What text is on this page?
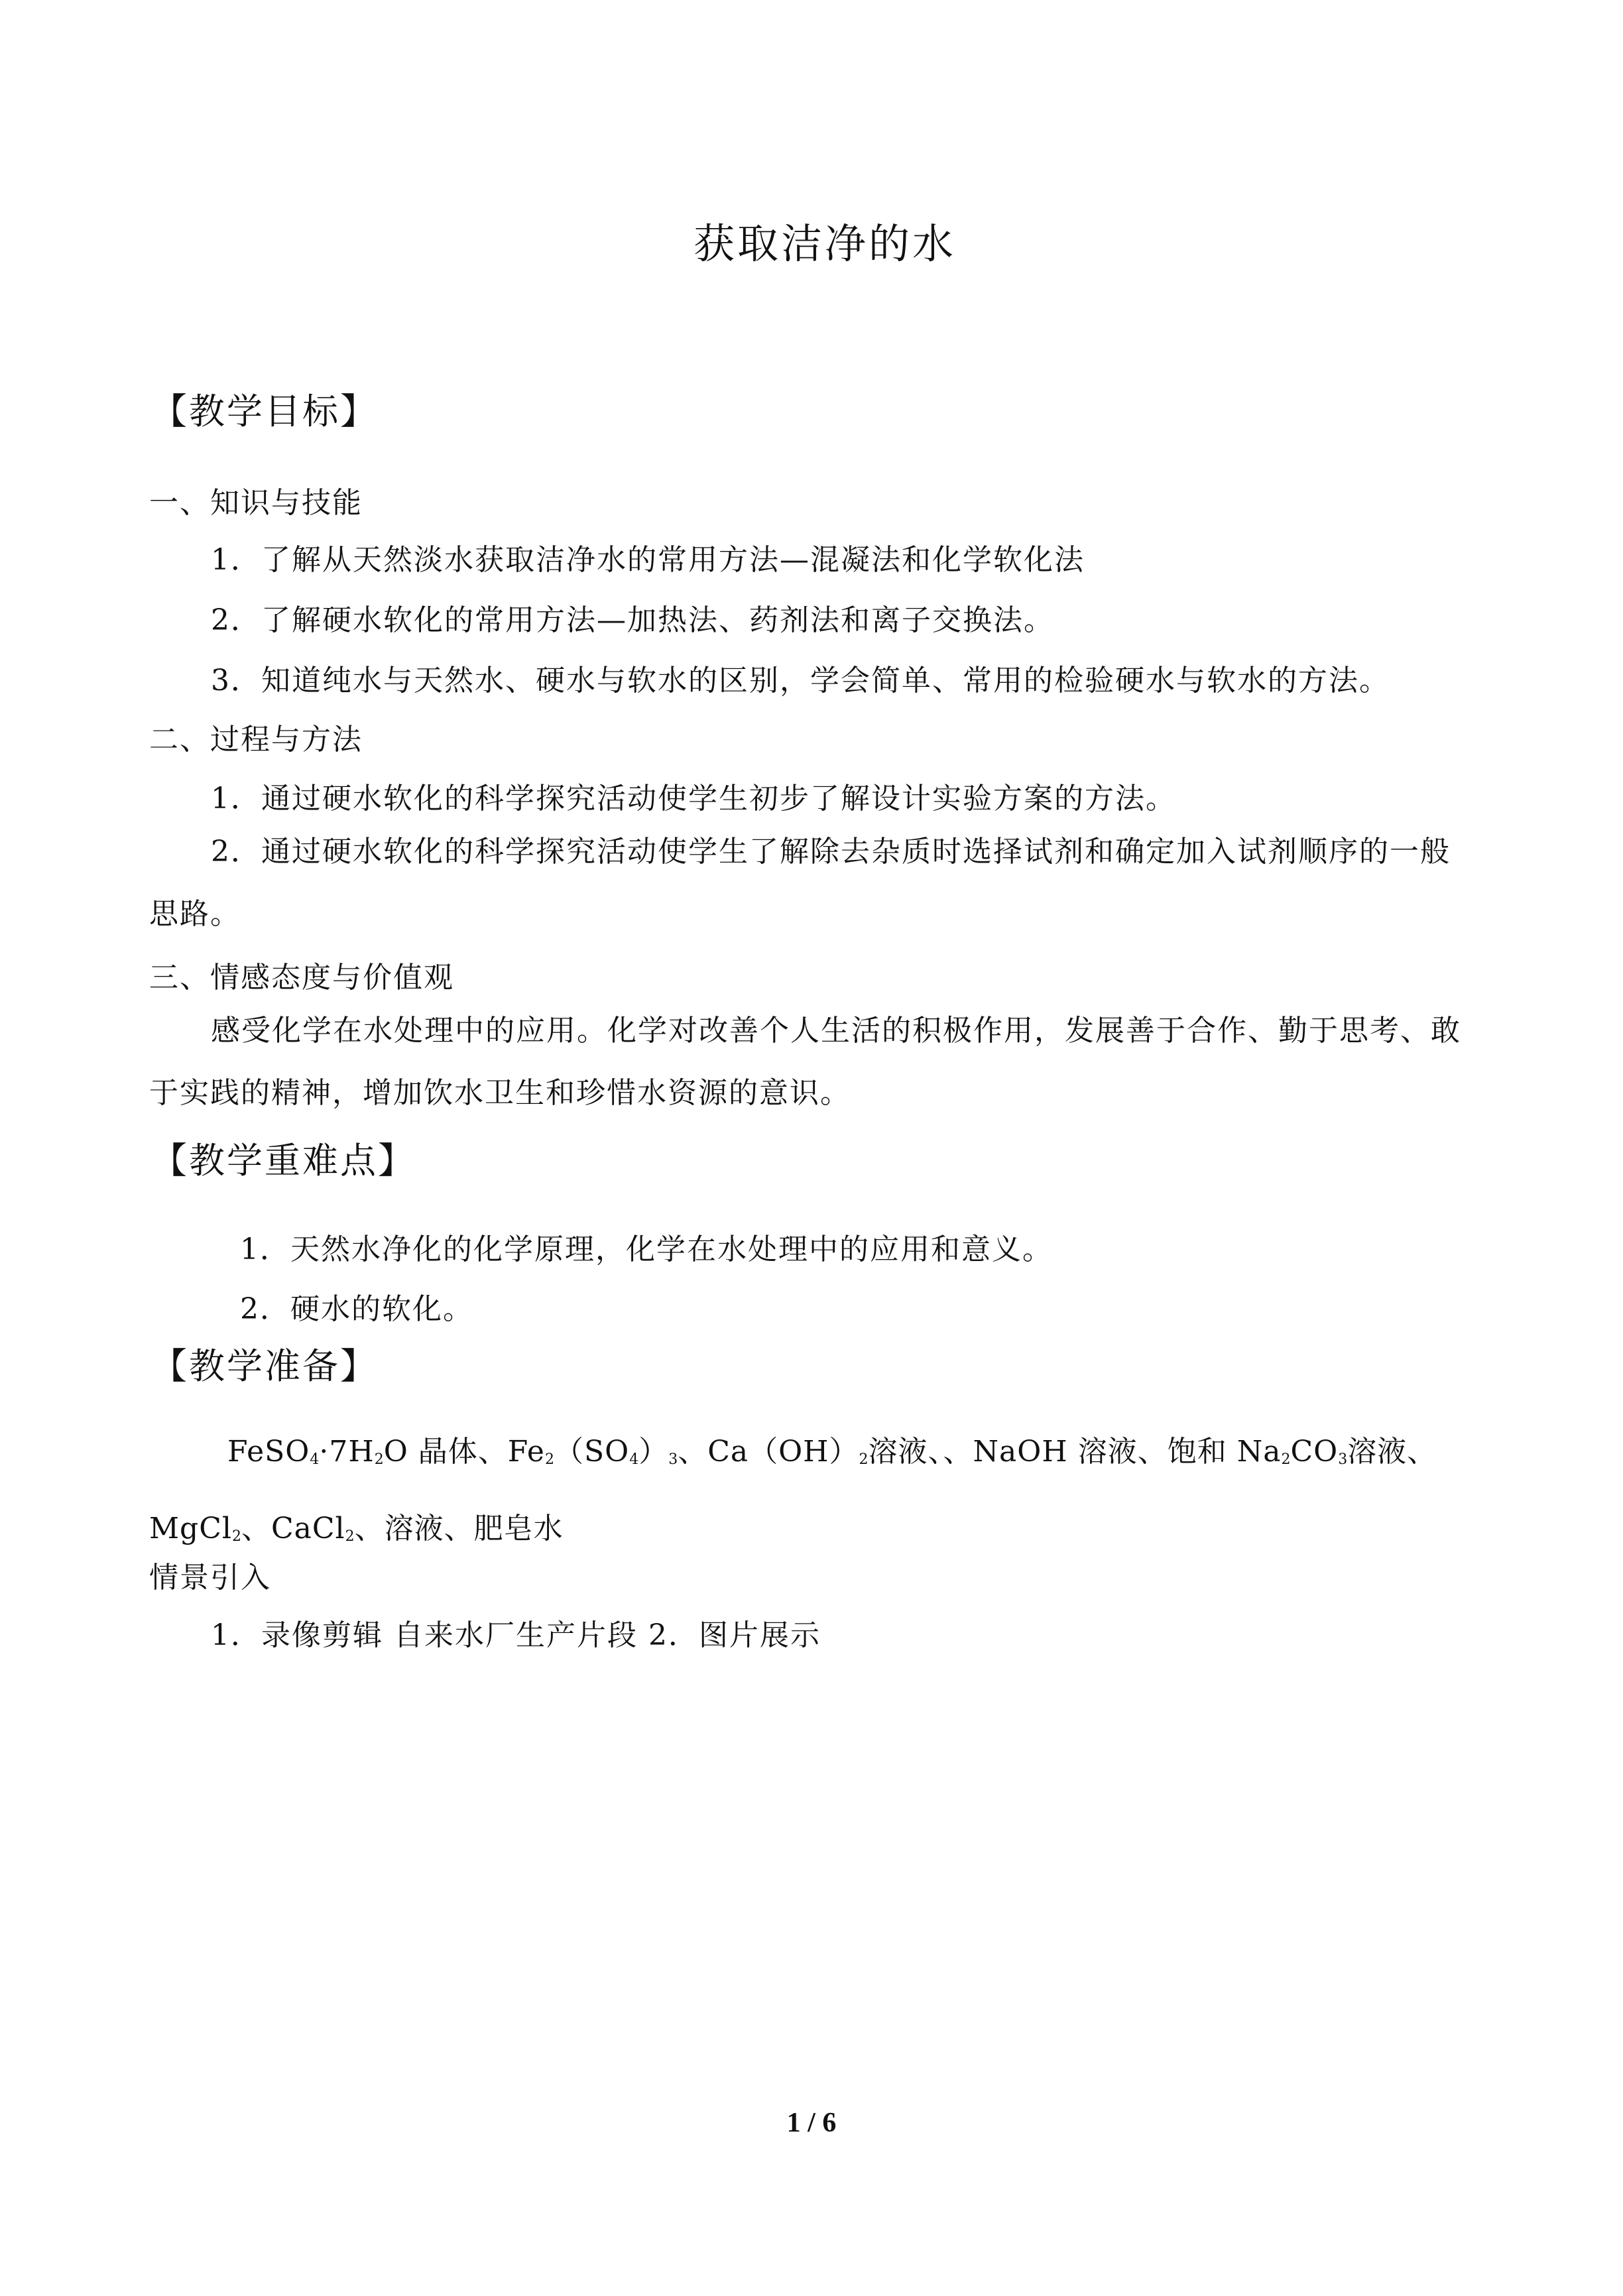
获取洁净的水
【教学目标】
一、知识与技能
1．了解从天然淡水获取洁净水的常用方法—混凝法和化学软化法
2．了解硬水软化的常用方法—加热法、药剂法和离子交换法。
3．知道纯水与天然水、硬水与软水的区别，学会简单、常用的检验硬水与软水的方法。
二、过程与方法
1．通过硬水软化的科学探究活动使学生初步了解设计实验方案的方法。
2．通过硬水软化的科学探究活动使学生了解除去杂质时选择试剂和确定加入试剂顺序的一般思路。
三、情感态度与价值观
感受化学在水处理中的应用。化学对改善个人生活的积极作用，发展善于合作、勤于思考、敢于实践的精神，增加饮水卫生和珍惜水资源的意识。
【教学重难点】
1．天然水净化的化学原理，化学在水处理中的应用和意义。
2．硬水的软化。
【教学准备】
$FeSO_4\cdot 7H_2O$ 晶体、$Fe_2(SO_4)_3$、$Ca(OH)_2$溶液、、NaOH 溶液、饱和 $Na_2CO_3$溶液、MgCl$_2$、CaCl$_2$、溶液、肥皂水
情景引入
1．录像剪辑 自来水厂生产片段 2．图片展示
1 / 6
